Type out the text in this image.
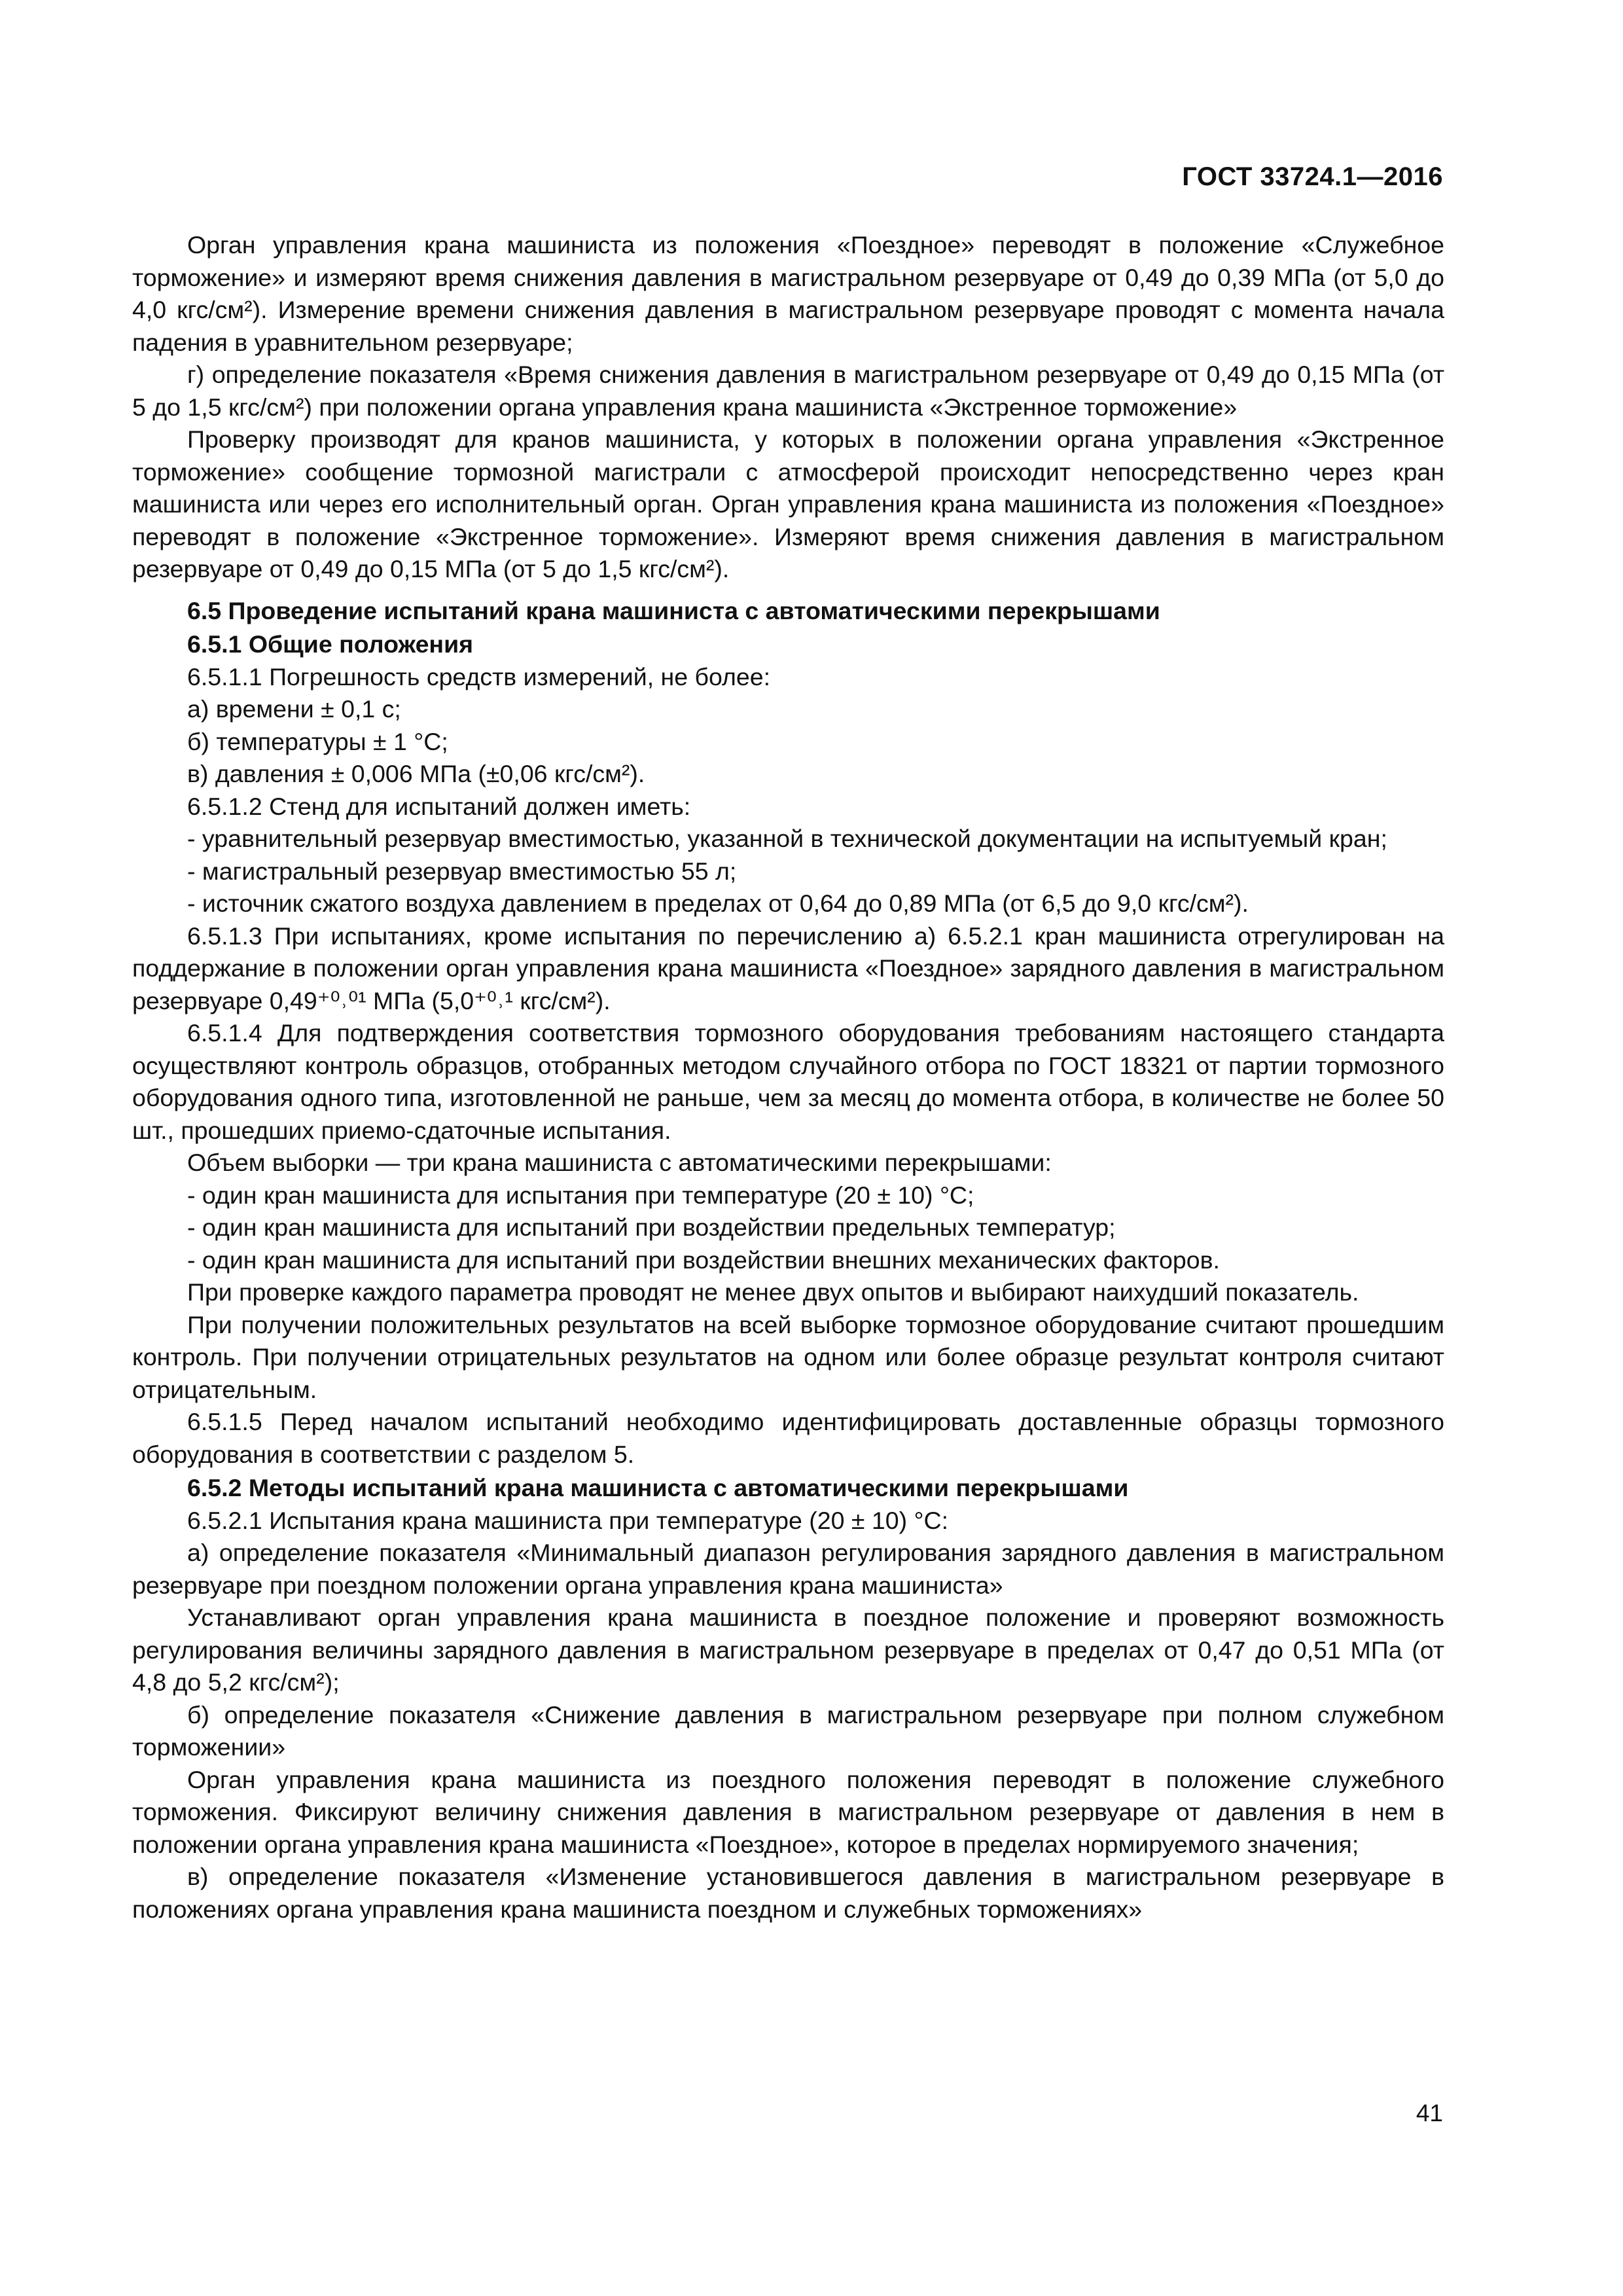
ГОСТ 33724.1—2016

Орган управления крана машиниста из положения «Поездное» переводят в положение «Служебное торможение» и измеряют время снижения давления в магистральном резервуаре от 0,49 до 0,39 МПа (от 5,0 до 4,0 кгс/см²). Измерение времени снижения давления в магистральном резервуаре проводят с момента начала падения в уравнительном резервуаре;

г) определение показателя «Время снижения давления в магистральном резервуаре от 0,49 до 0,15 МПа (от 5 до 1,5 кгс/см²) при положении органа управления крана машиниста «Экстренное торможение»

Проверку производят для кранов машиниста, у которых в положении органа управления «Экстренное торможение» сообщение тормозной магистрали с атмосферой происходит непосредственно через кран машиниста или через его исполнительный орган. Орган управления крана машиниста из положения «Поездное» переводят в положение «Экстренное торможение». Измеряют время снижения давления в магистральном резервуаре от 0,49 до 0,15 МПа (от 5 до 1,5 кгс/см²).

6.5 Проведение испытаний крана машиниста с автоматическими перекрышами

6.5.1 Общие положения

6.5.1.1 Погрешность средств измерений, не более:

а) времени ± 0,1 с;

б) температуры ± 1 °С;

в) давления ± 0,006 МПа (±0,06 кгс/см²).

6.5.1.2 Стенд для испытаний должен иметь:

- уравнительный резервуар вместимостью, указанной в технической документации на испытуемый кран;

- магистральный резервуар вместимостью 55 л;

- источник сжатого воздуха давлением в пределах от 0,64 до 0,89 МПа (от 6,5 до 9,0 кгс/см²).

6.5.1.3 При испытаниях, кроме испытания по перечислению а) 6.5.2.1 кран машиниста отрегулирован на поддержание в положении орган управления крана машиниста «Поездное» зарядного давления в магистральном резервуаре 0,49⁺⁰˒⁰¹ МПа (5,0⁺⁰˒¹ кгс/см²).

6.5.1.4 Для подтверждения соответствия тормозного оборудования требованиям настоящего стандарта осуществляют контроль образцов, отобранных методом случайного отбора по ГОСТ 18321 от партии тормозного оборудования одного типа, изготовленной не раньше, чем за месяц до момента отбора, в количестве не более 50 шт., прошедших приемо-сдаточные испытания.

Объем выборки — три крана машиниста с автоматическими перекрышами:

- один кран машиниста для испытания при температуре (20 ± 10) °С;

- один кран машиниста для испытаний при воздействии предельных температур;

- один кран машиниста для испытаний при воздействии внешних механических факторов.

При проверке каждого параметра проводят не менее двух опытов и выбирают наихудший показатель.

При получении положительных результатов на всей выборке тормозное оборудование считают прошедшим контроль. При получении отрицательных результатов на одном или более образце результат контроля считают отрицательным.

6.5.1.5 Перед началом испытаний необходимо идентифицировать доставленные образцы тормозного оборудования в соответствии с разделом 5.

6.5.2 Методы испытаний крана машиниста с автоматическими перекрышами

6.5.2.1 Испытания крана машиниста при температуре (20 ± 10) °С:

а) определение показателя «Минимальный диапазон регулирования зарядного давления в магистральном резервуаре при поездном положении органа управления крана машиниста»

Устанавливают орган управления крана машиниста в поездное положение и проверяют возможность регулирования величины зарядного давления в магистральном резервуаре в пределах от 0,47 до 0,51 МПа (от 4,8 до 5,2 кгс/см²);

б) определение показателя «Снижение давления в магистральном резервуаре при полном служебном торможении»

Орган управления крана машиниста из поездного положения переводят в положение служебного торможения. Фиксируют величину снижения давления в магистральном резервуаре от давления в нем в положении органа управления крана машиниста «Поездное», которое в пределах нормируемого значения;

в) определение показателя «Изменение установившегося давления в магистральном резервуаре в положениях органа управления крана машиниста поездном и служебных торможениях»

41
